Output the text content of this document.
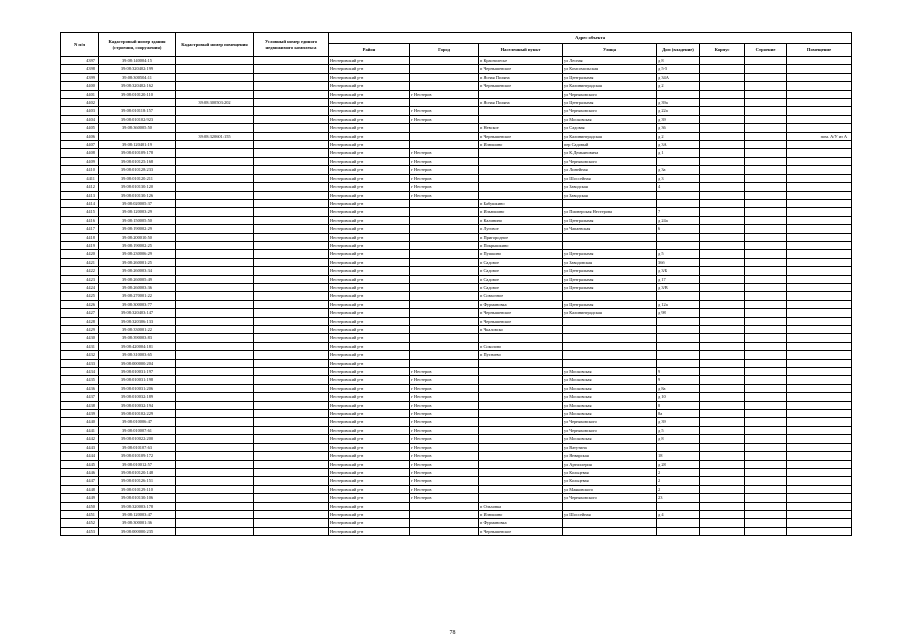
N п/п	Кадастровый номер здания (строения, сооружения)	Кадастровый номер помещения	Условный номер единого недвижимого комплекса	Адрес объекта							
				Район	Город	Населенный пункт	Улица	Дом (владение)	Корпус	Строение	Помещение
4397	39:08:140004:15			Нестеровский р-н		п Краснолесье	ул Лесная	д 8			
4398	39:08:320402:199			Нестеровский р-н		п Чернышевское	ул Комсомольская	д 5-5			
4399	39:08:300504:11			Нестеровский р-н		п Ясная Поляна	ул Центральная	д 34А			
4400	39:08:320402:162			Нестеровский р-н		п Чернышевское	ул Калининградская	д 2			
4401	39:08:010120:110			Нестеровский р-н	г Нестеров		ул Черняховского				
4402		39:08:300503:202		Нестеровский р-н		п Ясная Поляна	ул Центральная	д 39а			
4403	39:08:010118:157			Нестеровский р-н	г Нестеров		ул Черняховского	д 22а			
4404	39:08:010102:923			Нестеровский р-н	г Нестеров		ул Московская	д 39			
4405	39:08:360005:50			Нестеровский р-н		п Невское	ул Садовая	д 36			
4406		39:08:320601:155		Нестеровский р-н		п Чернышевское	ул Калининградская	д 2			пом. А/У из А
4407	39:08:120401:19			Нестеровский р-н		п Илюшино	пер Садовый	д 3А			
4408	39:08:010109:178			Нестеровский р-н	г Нестеров		ул К.Демьяновича	д 1			
4409	39:08:010125:168			Нестеровский р-н	г Нестеров		ул Черняховского				
4410	39:08:010128:233			Нестеровский р-н	г Нестеров		ул Линейная	д 3а			
4411	39:08:010120:211			Нестеровский р-н	г Нестеров		ул Шоссейная	д 3			
4412	39:08:010130:120			Нестеровский р-н	г Нестеров		ул Заводская	4			
4413	39:08:010130:126			Нестеровский р-н	г Нестеров		ул Заводская				
4414	39:08:020005:37			Нестеровский р-н		п Бабушкино					
4415	39:08:120003:29			Нестеровский р-н		п Ильюшино	ул Пионерская Нестерова	7			
4416	39:08:150005:50			Нестеровский р-н		п Калинино	ул Центральная	д 24а			
4417	39:08:190002:29			Нестеровский р-н		п Луговое	ул Чапаевская	6			
4418	39:08:200010:50			Нестеровский р-н		п Пригородное					
4419	39:08:190002:25			Нестеровский р-н		п Покрышкино					
4420	39:08:230006:29			Нестеровский р-н		п Пушкино	ул Центральная	д 5			
4421	39:08:260001:25			Нестеровский р-н		п Садовое	ул Заводовская	36б			
4422	39:08:260003:34			Нестеровский р-н		п Садовое	ул Центральная	д 3/Б			
4423	39:08:260005:49			Нестеровский р-н		п Садовое	ул Центральная	д 17			
4424	39:08:260003:36			Нестеровский р-н		п Садовое	ул Центральная	д 3/В			
4425	39:08:270001:22			Нестеровский р-н		п Совхозное					
4426	39:08:300003:77			Нестеровский р-н		п Фурмановка	ул Центральная	д 12а			
4427	39:08:320403:147			Нестеровский р-н		п Чернышевское	ул Калининградская	д 98			
4428	39:08:320306:133			Нестеровский р-н		п Чернышевское					
4429	39:08:330001:22			Нестеровский р-н		п Чкаловско					
4430	39:08:390003:83			Нестеровский р-н							
4431	39:08:420004:181			Нестеровский р-н		п Соколово					
4432	39:08:310003:65			Нестеровский р-н		п Пугачево					
4433	39:08:000000:204			Нестеровский р-н							
4434	39:08:010031:197			Нестеровский р-н	г Нестеров		ул Московская	9			
4435	39:08:010031:198			Нестеровский р-н	г Нестеров		ул Московская	9			
4436	39:08:010031:206			Нестеровский р-н	г Нестеров		ул Московская	д 8а			
4437	39:08:010032:189			Нестеровский р-н	г Нестеров		ул Московская	д 10			
4438	39:08:010032:194			Нестеровский р-н	г Нестеров		ул Московская	8			
4439	39:08:010102:229			Нестеровский р-н	г Нестеров		ул Московская	8а			
4440	39:08:010006:47			Нестеровский р-н	г Нестеров		ул Черняховского	д 39			
4441	39:08:010007:61			Нестеровский р-н	г Нестеров		ул Черняховского	д 5			
4442	39:08:010022:200			Нестеровский р-н	г Нестеров		ул Московская	д 8			
4443	39:08:010107:63			Нестеровский р-н	г Нестеров		ул Ватутина				
4444	39:08:010109:172			Нестеровский р-н	г Нестеров		ул Январская	18			
4445	39:08:010012:57			Нестеровский р-н	г Нестеров		ул Артиллерия	д 28			
4446	39:08:010120:148			Нестеровский р-н	г Нестеров		ул Кольцевая	2			
4447	39:08:010126:151			Нестеровский р-н	г Нестеров		ул Кольцевая	2			
4448	39:08:010129:110			Нестеровский р-н	г Нестеров		ул Маяковского	2			
4449	39:08:010130:106			Нестеровский р-н	г Нестеров		ул Черняховского	23			
4450	39:08:320003:178			Нестеровский р-н		п Ольховка					
4451	39:08:120003:47			Нестеровский р-н		п Илюшино	ул Шоссейная	д 4			
4452	39:08:300001:36			Нестеровский р-н		п Фурмановка					
4453	39:08:000000:235			Нестеровский р-н		п Чернышевское					
78
